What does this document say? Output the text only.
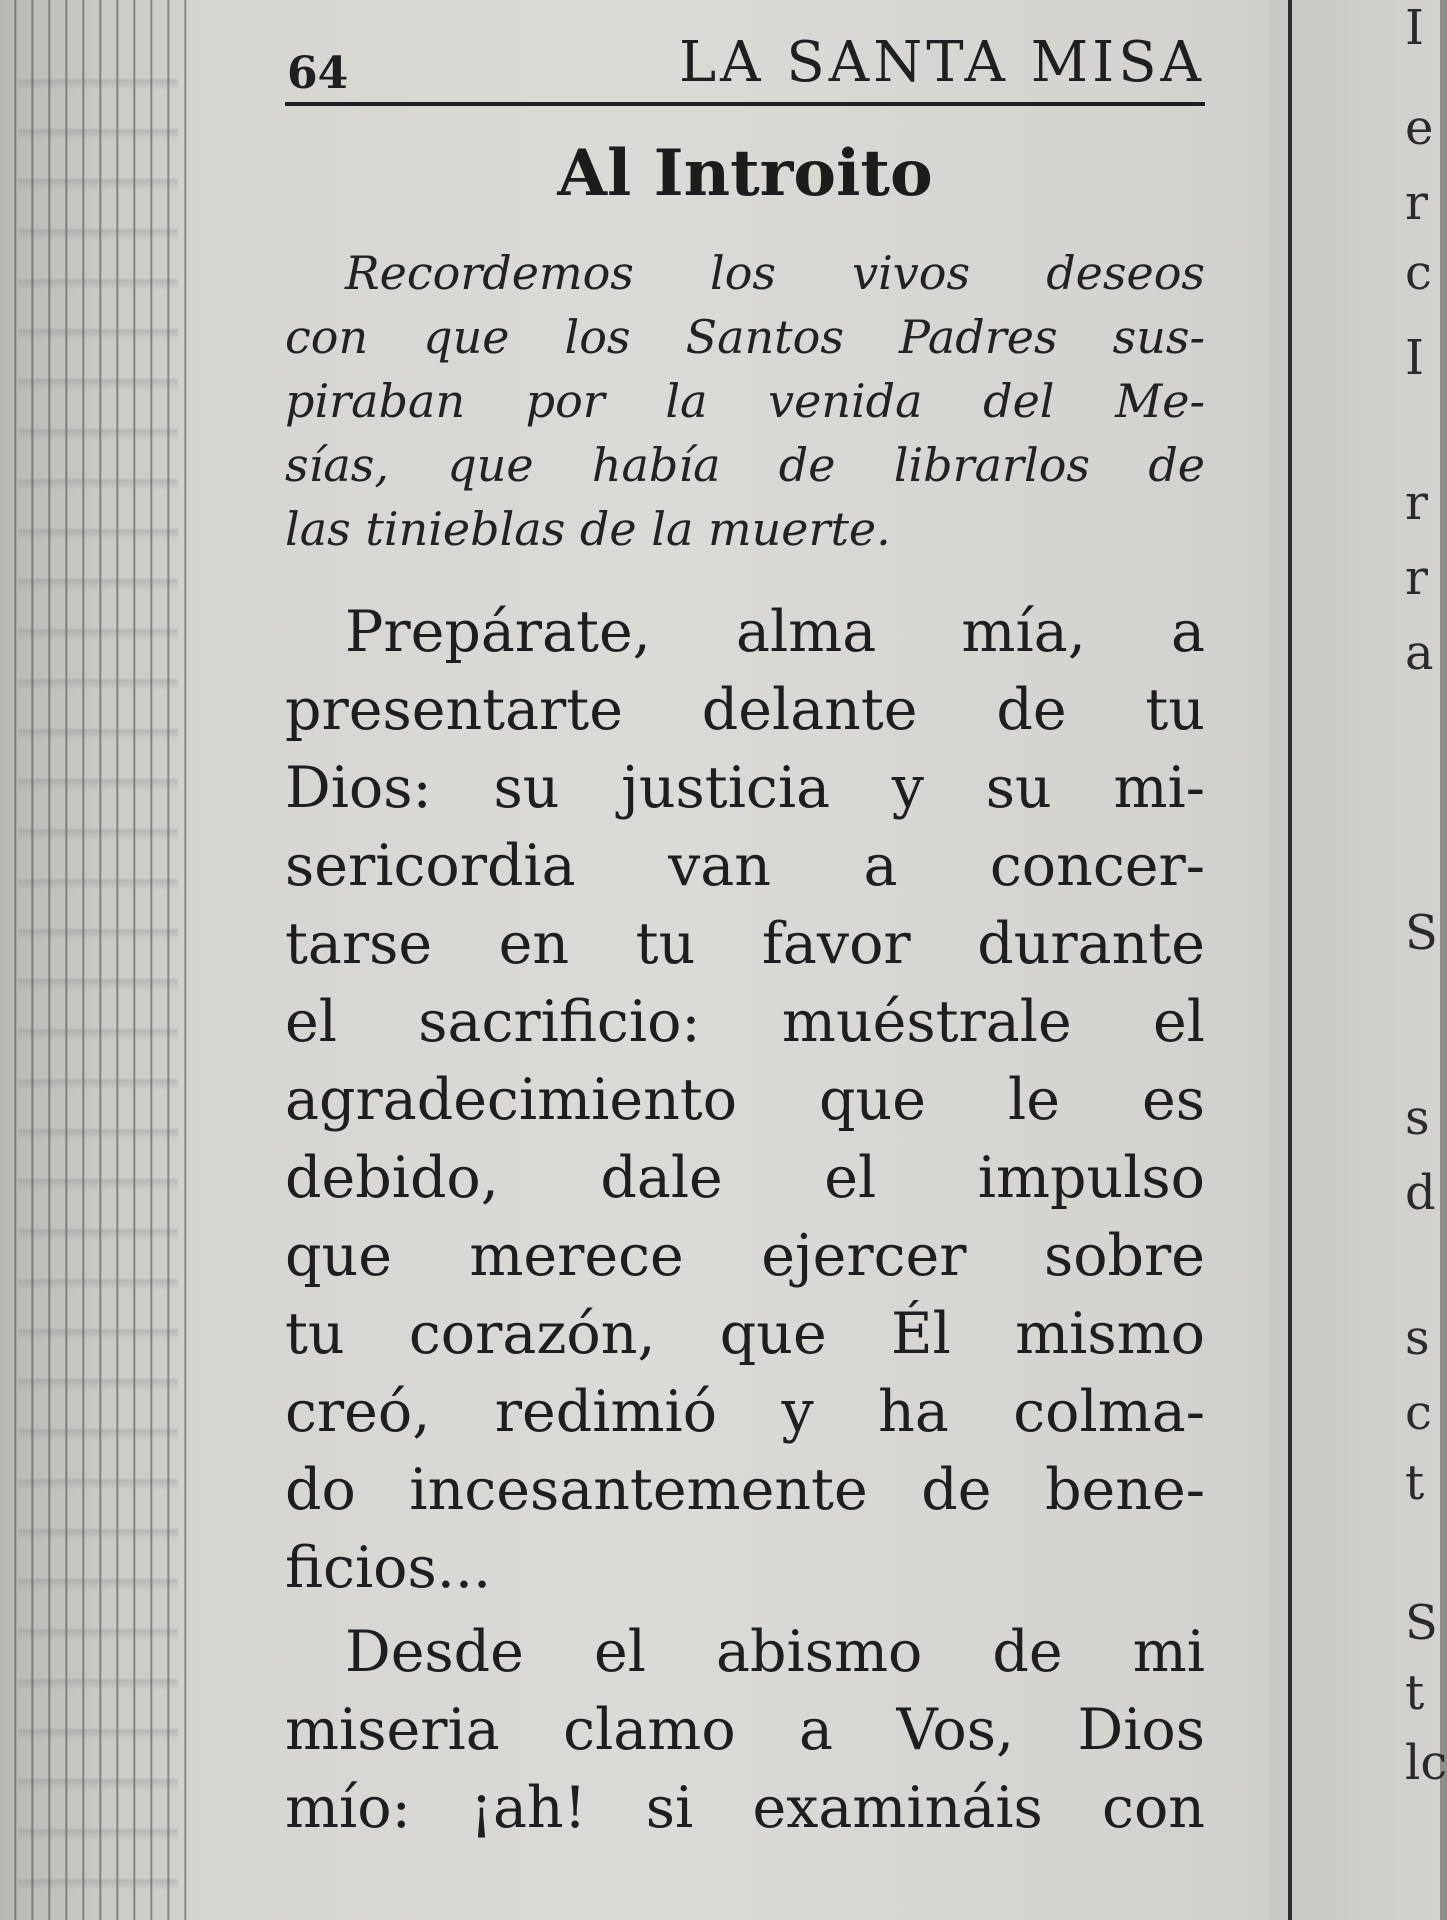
I
e
r
c
I
r
r
a
S
s
d
s
c
t
S
t
lc
64	LA SANTA MISA
Al Introito

Recordemos los vivos deseos
con que los Santos Padres sus-
piraban por la venida del Me-
sías, que había de librarlos de
las tinieblas de la muerte.

Prepárate, alma mía, a
presentarte delante de tu
Dios: su justicia y su mi-
sericordia van a concer-
tarse en tu favor durante
el sacrificio: muéstrale el
agradecimiento que le es
debido, dale el impulso
que merece ejercer sobre
tu corazón, que Él mismo
creó, redimió y ha colma-
do incesantemente de bene-
ficios...

Desde el abismo de mi
miseria clamo a Vos, Dios
mío: ¡ah! si examináis con
